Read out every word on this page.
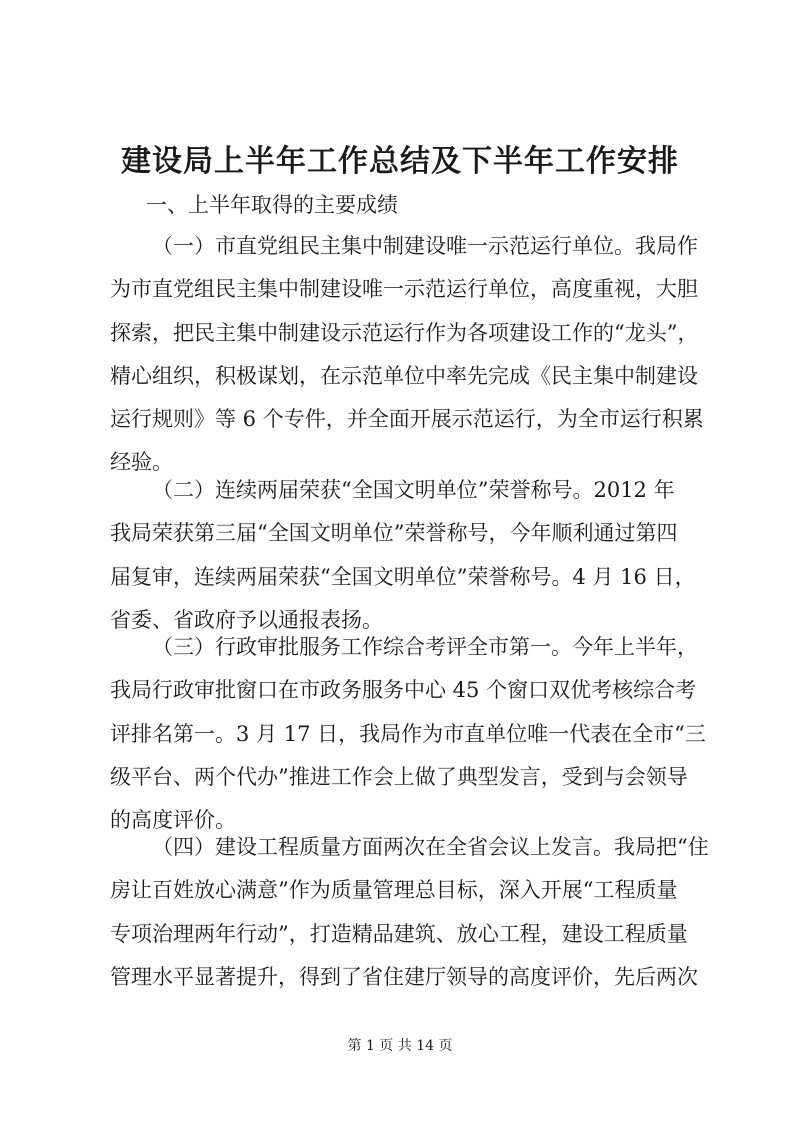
建设局上半年工作总结及下半年工作安排
一、上半年取得的主要成绩
（一）市直党组民主集中制建设唯一示范运行单位。我局作
为市直党组民主集中制建设唯一示范运行单位，高度重视，大胆
探索，把民主集中制建设示范运行作为各项建设工作的“龙头”，
精心组织，积极谋划，在示范单位中率先完成《民主集中制建设
运行规则》等 6 个专件，并全面开展示范运行，为全市运行积累
经验。
（二）连续两届荣获“全国文明单位”荣誉称号。2012 年
我局荣获第三届“全国文明单位”荣誉称号，今年顺利通过第四
届复审，连续两届荣获“全国文明单位”荣誉称号。4 月 16 日，
省委、省政府予以通报表扬。
（三）行政审批服务工作综合考评全市第一。今年上半年，
我局行政审批窗口在市政务服务中心 45 个窗口双优考核综合考
评排名第一。3 月 17 日，我局作为市直单位唯一代表在全市“三
级平台、两个代办”推进工作会上做了典型发言，受到与会领导
的高度评价。
（四）建设工程质量方面两次在全省会议上发言。我局把“住
房让百姓放心满意”作为质量管理总目标，深入开展“工程质量
专项治理两年行动”，打造精品建筑、放心工程，建设工程质量
管理水平显著提升，得到了省住建厅领导的高度评价，先后两次
第 1 页 共 14 页
